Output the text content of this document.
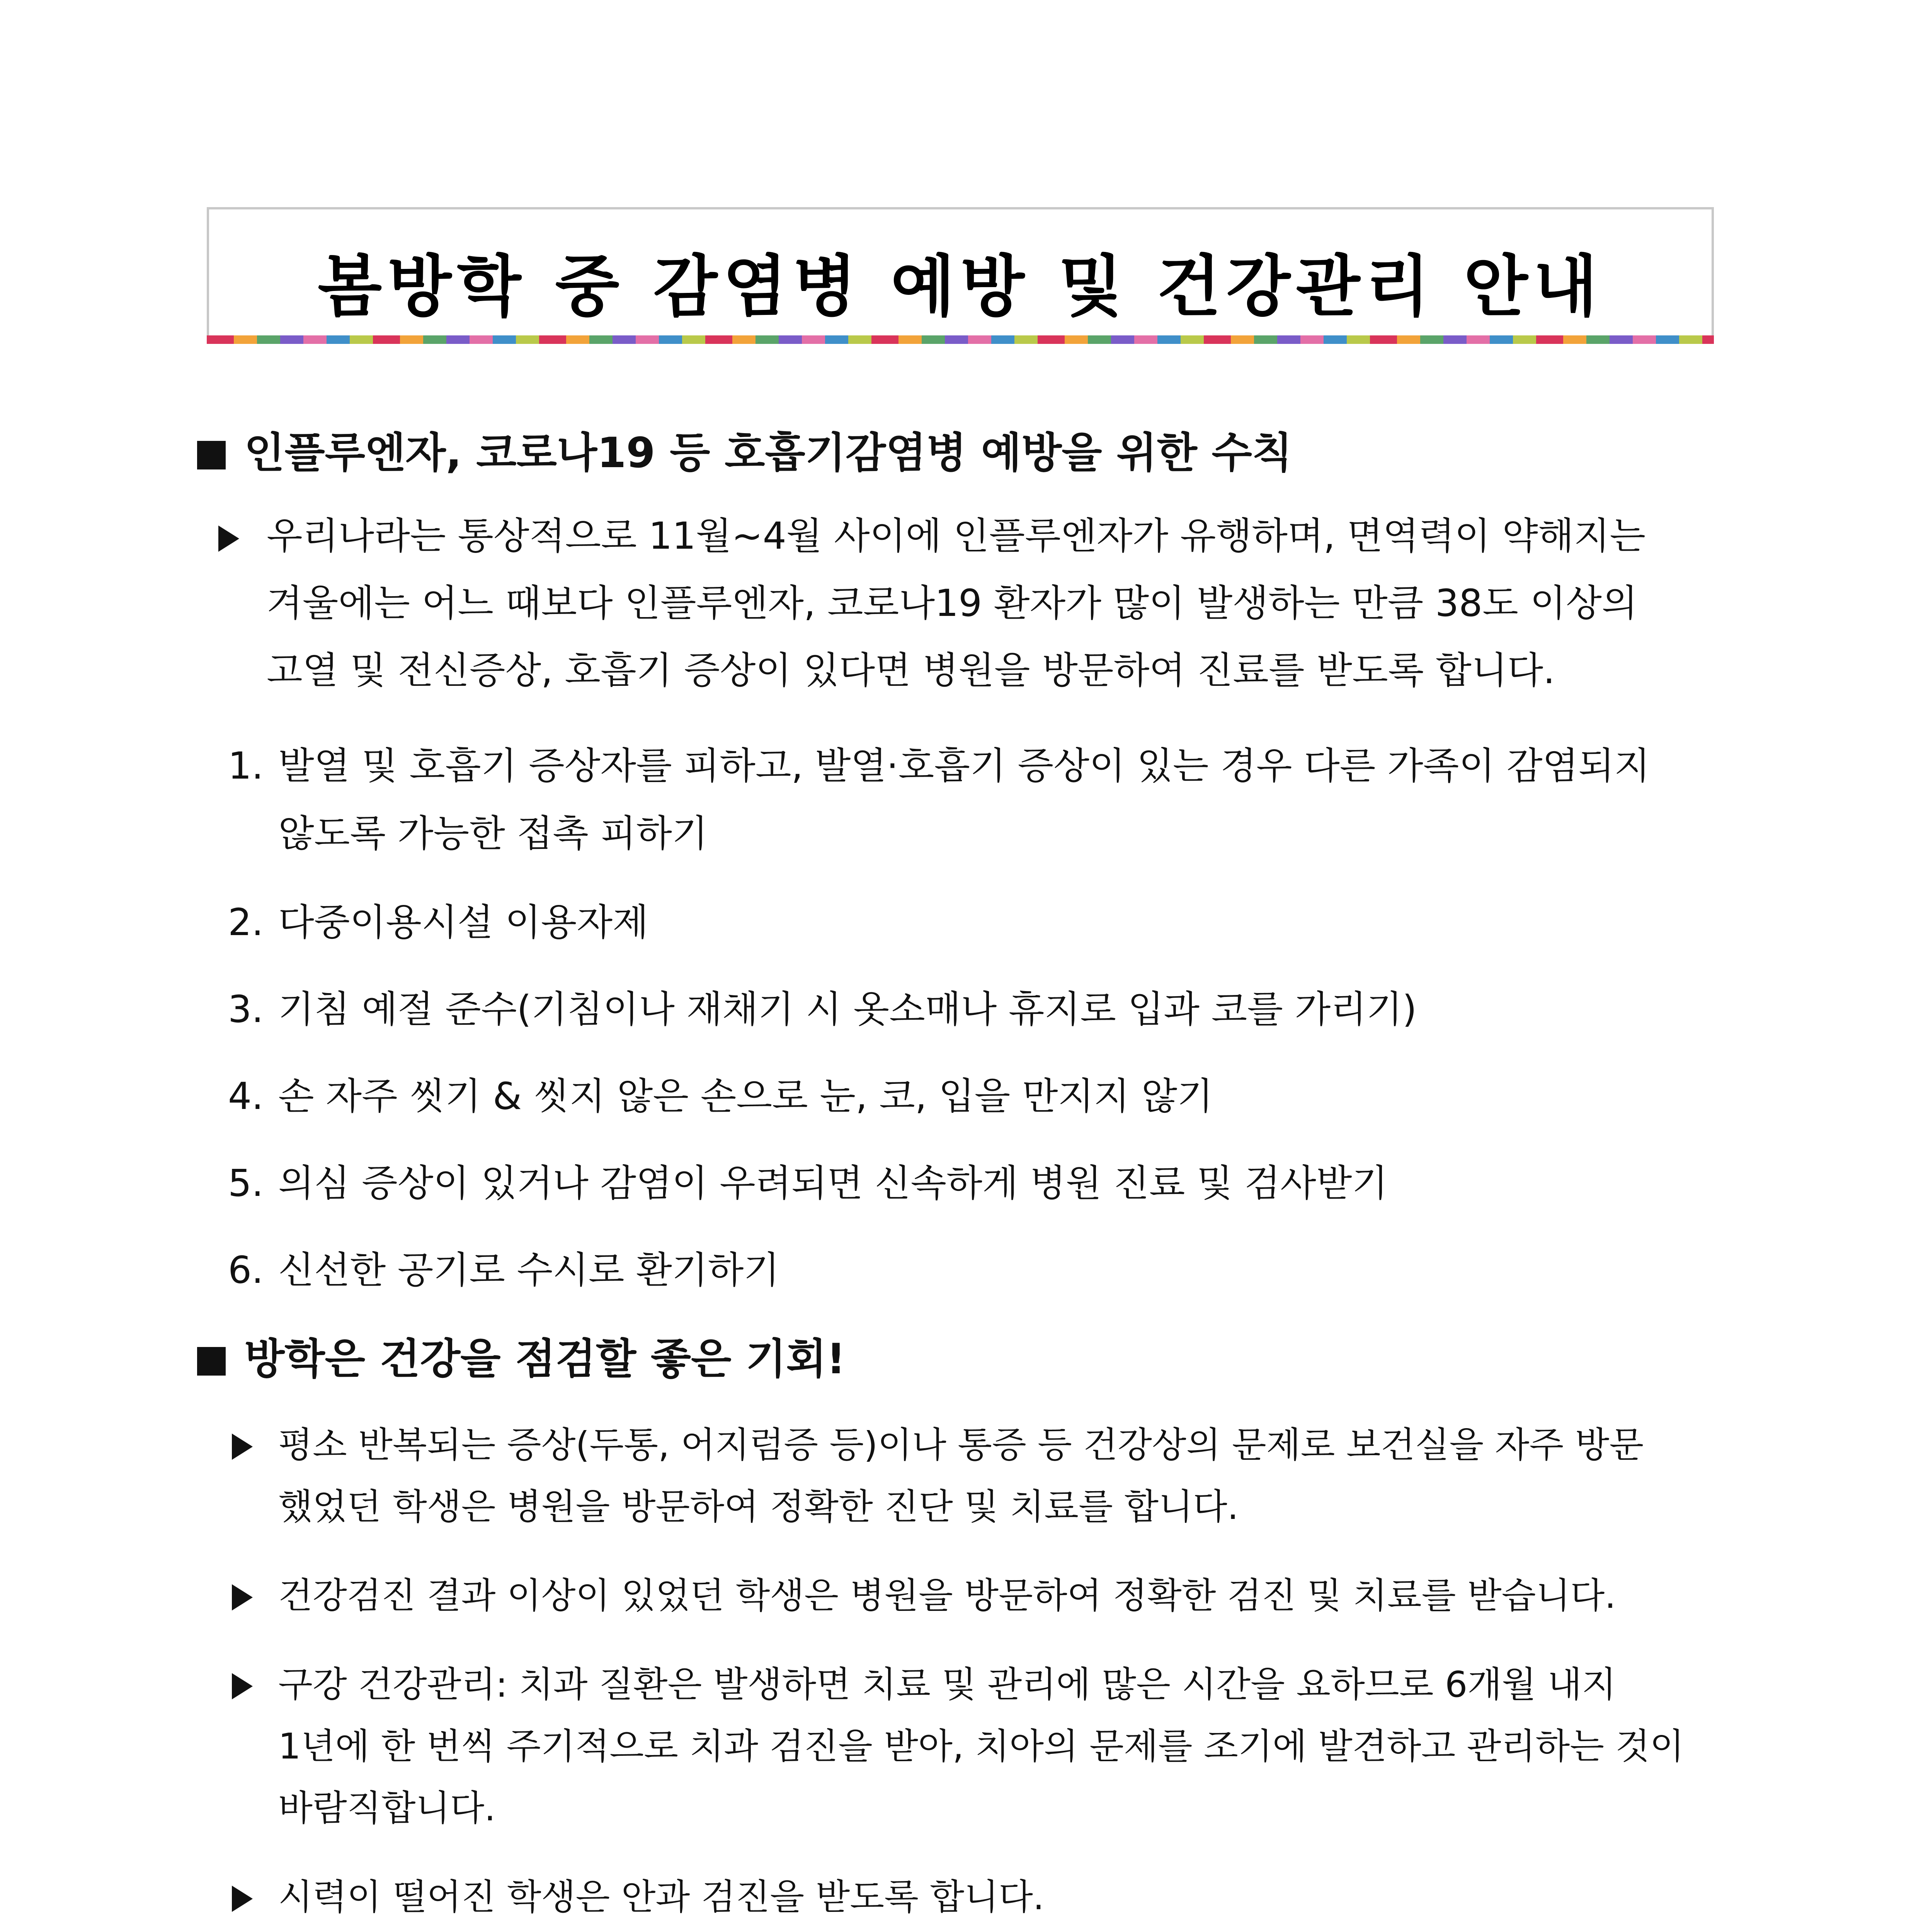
봄방학 중 감염병 예방 및 건강관리 안내
인플루엔자, 코로나19 등 호흡기감염병 예방을 위한 수칙
우리나라는 통상적으로 11월~4월 사이에 인플루엔자가 유행하며, 면역력이 약해지는
겨울에는 어느 때보다 인플루엔자, 코로나19 환자가 많이 발생하는 만큼 38도 이상의
고열 및 전신증상, 호흡기 증상이 있다면 병원을 방문하여 진료를 받도록 합니다.
1. 발열 및 호흡기 증상자를 피하고, 발열·호흡기 증상이 있는 경우 다른 가족이 감염되지
않도록 가능한 접촉 피하기
2. 다중이용시설 이용자제
3. 기침 예절 준수(기침이나 재채기 시 옷소매나 휴지로 입과 코를 가리기)
4. 손 자주 씻기 & 씻지 않은 손으로 눈, 코, 입을 만지지 않기
5. 의심 증상이 있거나 감염이 우려되면 신속하게 병원 진료 및 검사받기
6. 신선한 공기로 수시로 환기하기
방학은 건강을 점검할 좋은 기회!
평소 반복되는 증상(두통, 어지럼증 등)이나 통증 등 건강상의 문제로 보건실을 자주 방문
했었던 학생은 병원을 방문하여 정확한 진단 및 치료를 합니다.
건강검진 결과 이상이 있었던 학생은 병원을 방문하여 정확한 검진 및 치료를 받습니다.
구강 건강관리: 치과 질환은 발생하면 치료 및 관리에 많은 시간을 요하므로 6개월 내지
1년에 한 번씩 주기적으로 치과 검진을 받아, 치아의 문제를 조기에 발견하고 관리하는 것이
바람직합니다.
시력이 떨어진 학생은 안과 검진을 받도록 합니다.
